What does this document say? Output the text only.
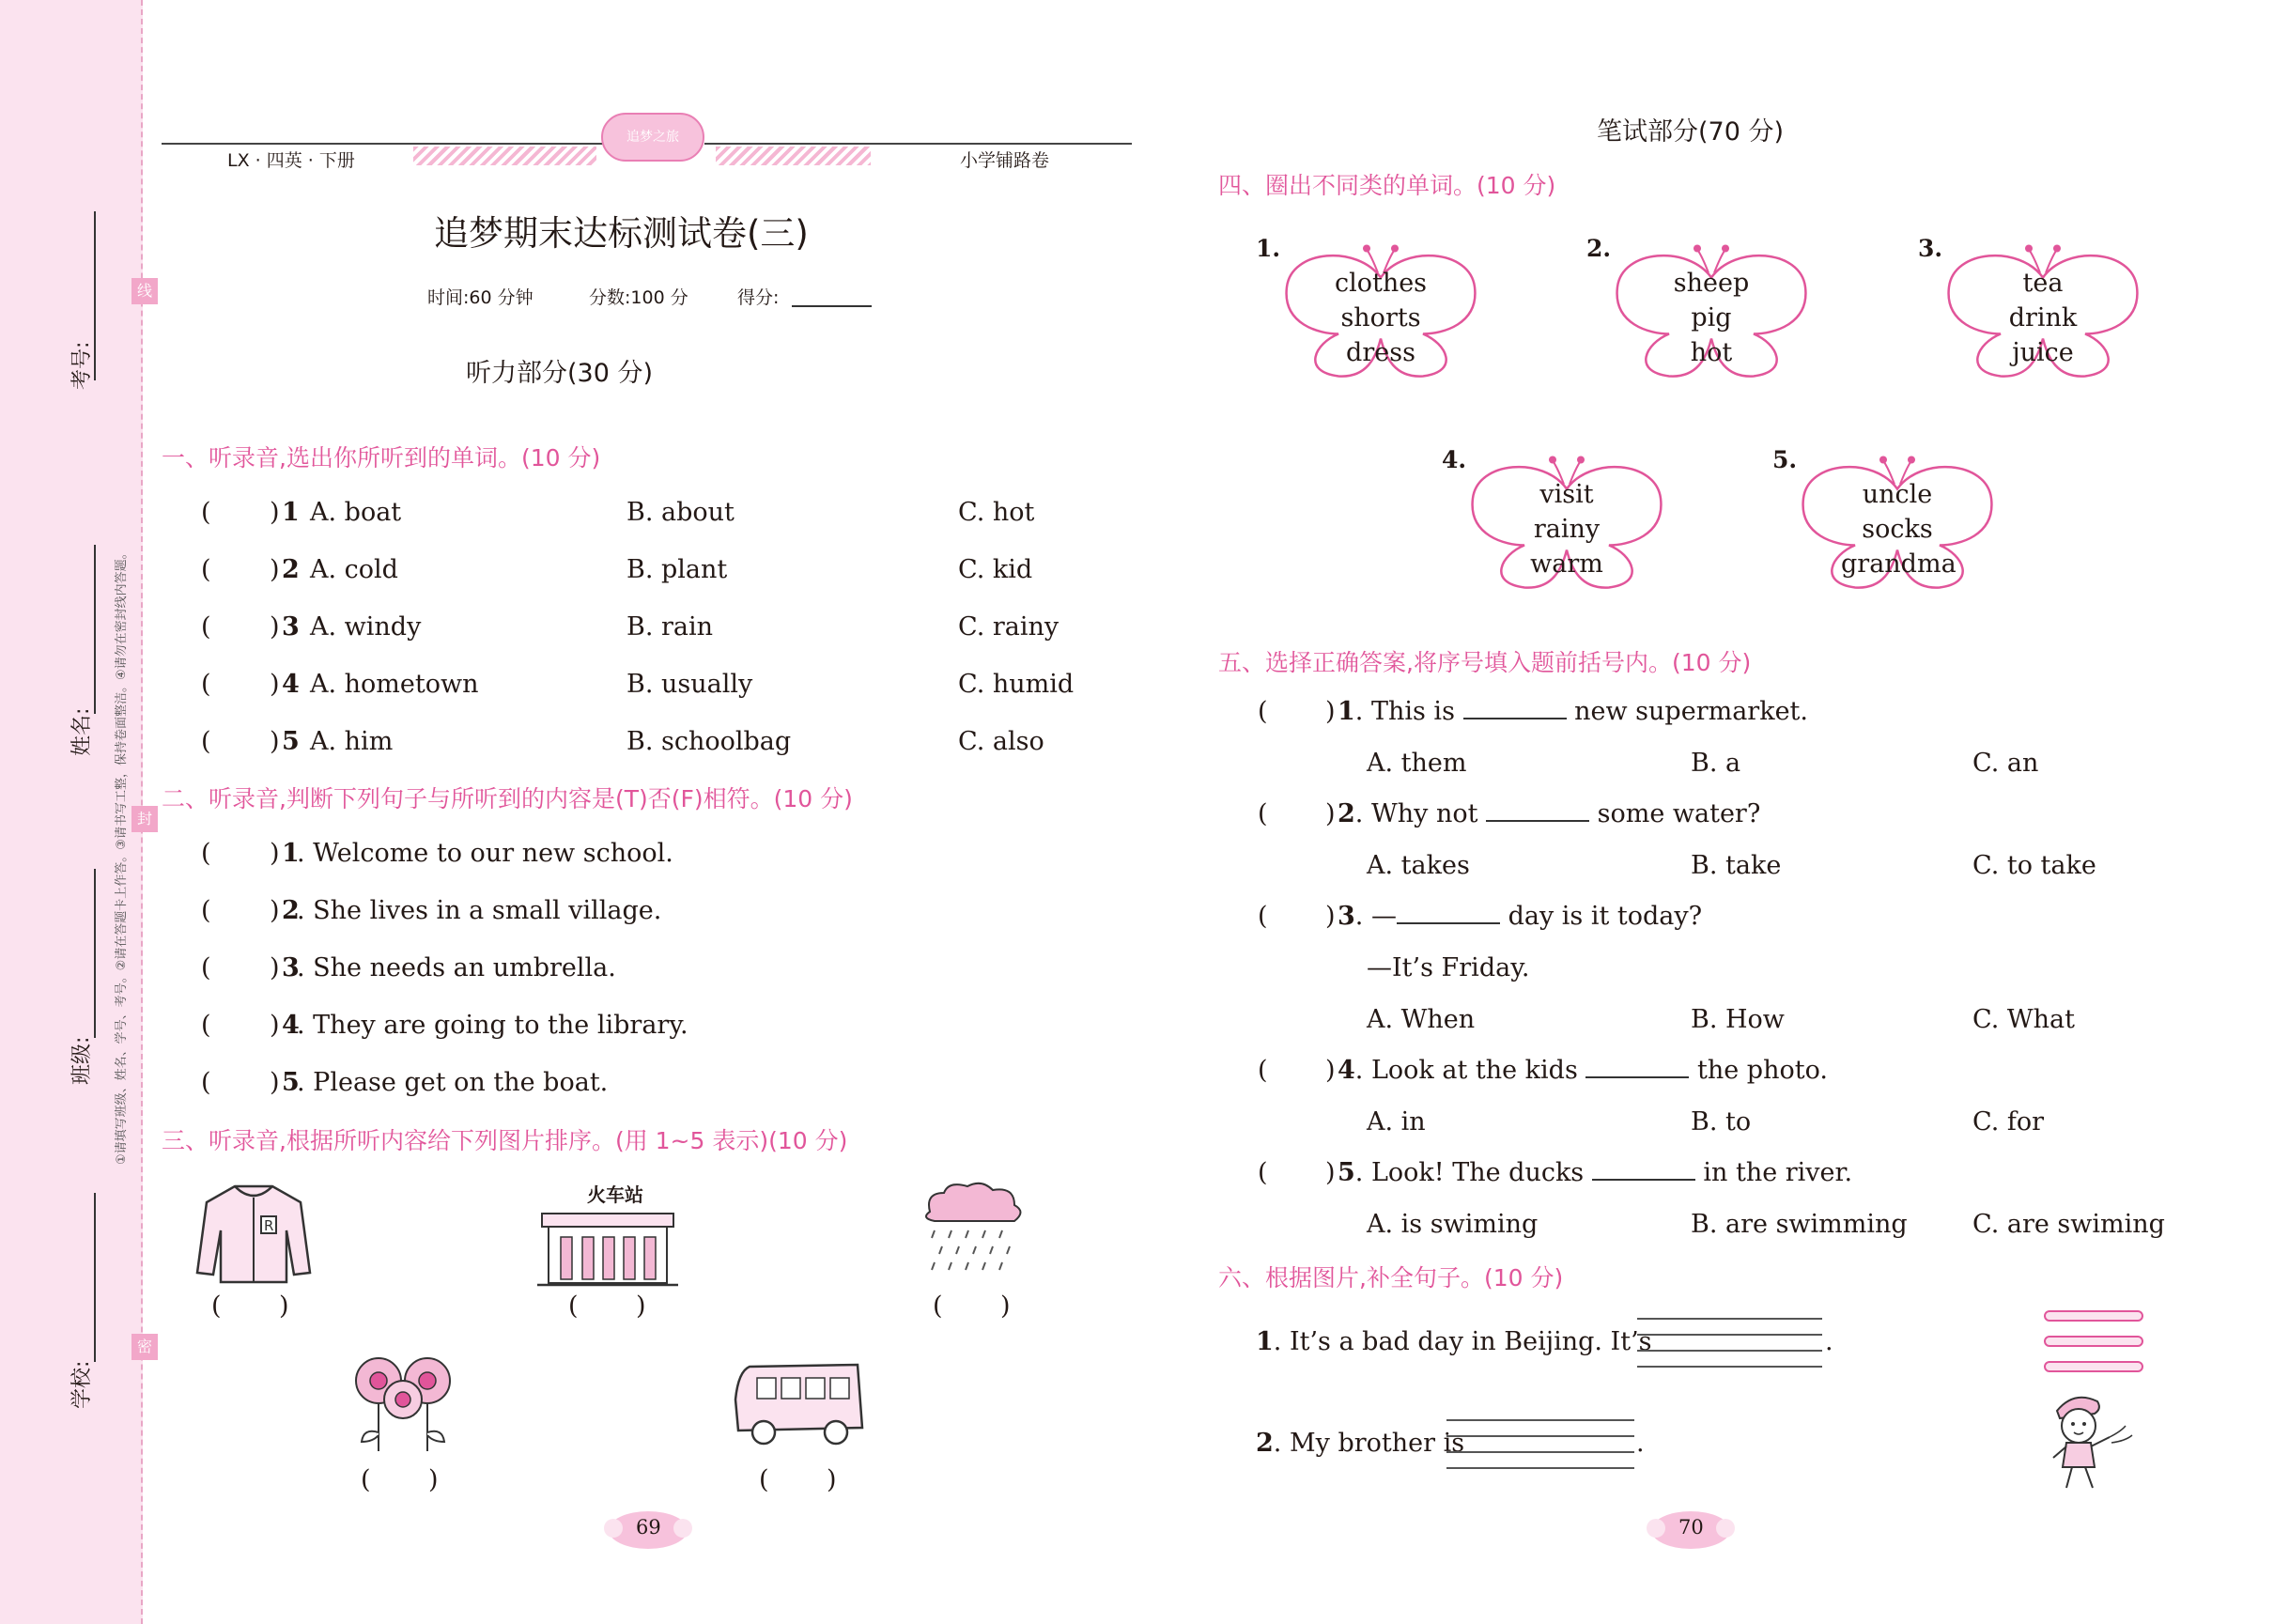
考号:
姓名:
班级:
学校:
①请填写班级、姓名、学号、考号。②请在答题卡上作答。③请书写工整，保持卷面整洁。④请勿在密封线内答题。
线
封
密
追梦之旅
LX · 四英 · 下册	小学铺路卷
追梦期末达标测试卷(三)
时间:60 分钟	分数:100 分	得分:
听力部分(30 分)
一、听录音,选出你所听到的单词。(10 分)
( ) 1 A. boat	B. about	C. hot
( ) 2 A. cold	B. plant	C. kid
( ) 3 A. windy	B. rain	C. rainy
( ) 4 A. hometown	B. usually	C. humid
( ) 5 A. him	B. schoolbag	C. also
二、听录音,判断下列句子与所听到的内容是(T)否(F)相符。(10 分)
( ) 1
. Welcome to our new school.
( ) 2
. She lives in a small village.
( ) 3
. She needs an umbrella.
( ) 4
. They are going to the library.
( ) 5
. Please get on the boat.
三、听录音,根据所听内容给下列图片排序。(用 1~5 表示)(10 分)
R
( )
火车站
( )	( )
( )	( )
69
笔试部分(70 分)
四、圈出不同类的单词。(10 分)
1.
clothes
shorts
dress
2.
sheep
pig
hot
3.
tea
drink
juice
4.
visit
rainy
warm
5.
uncle
socks
grandma
五、选择正确答案,将序号填入题前括号内。(10 分)
( ) 1. This is	new supermarket.
A. them	B. a	C. an
( ) 2. Why not	some water?
A. takes	B. take	C. to take
( ) 3. —	day is it today?
—It’s Friday.
A. When	B. How	C. What
( ) 4. Look at the kids	the photo.
A. in	B. to	C. for
( ) 5. Look! The ducks	in the river.
A. is swiming	B. are swimming	C. are swiming
六、根据图片,补全句子。(10 分)
1. It’s a bad day in Beijing. It’s	.
2. My brother is	.
70
